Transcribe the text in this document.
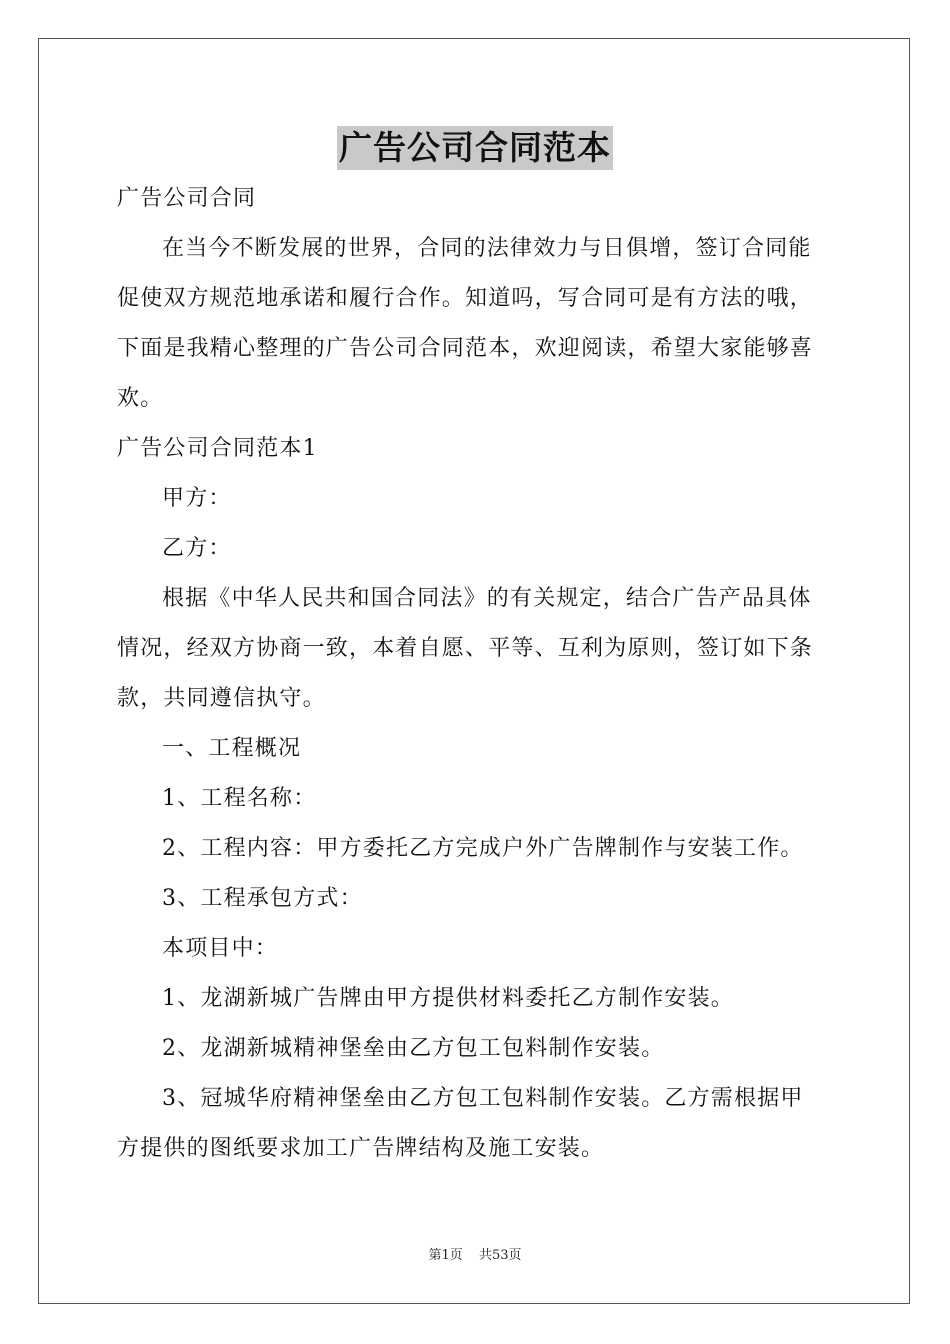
广告公司合同范本
广告公司合同
在当今不断发展的世界，合同的法律效力与日俱增，签订合同能
促使双方规范地承诺和履行合作。知道吗，写合同可是有方法的哦，
下面是我精心整理的广告公司合同范本，欢迎阅读，希望大家能够喜
欢。
广告公司合同范本1
甲方：
乙方：
根据《中华人民共和国合同法》的有关规定，结合广告产品具体
情况，经双方协商一致，本着自愿、平等、互利为原则，签订如下条
款，共同遵信执守。
一、工程概况
1、工程名称：
2、工程内容：甲方委托乙方完成户外广告牌制作与安装工作。
3、工程承包方式：
本项目中：
1、龙湖新城广告牌由甲方提供材料委托乙方制作安装。
2、龙湖新城精神堡垒由乙方包工包料制作安装。
3、冠城华府精神堡垒由乙方包工包料制作安装。乙方需根据甲
方提供的图纸要求加工广告牌结构及施工安装。
第1页 共53页
